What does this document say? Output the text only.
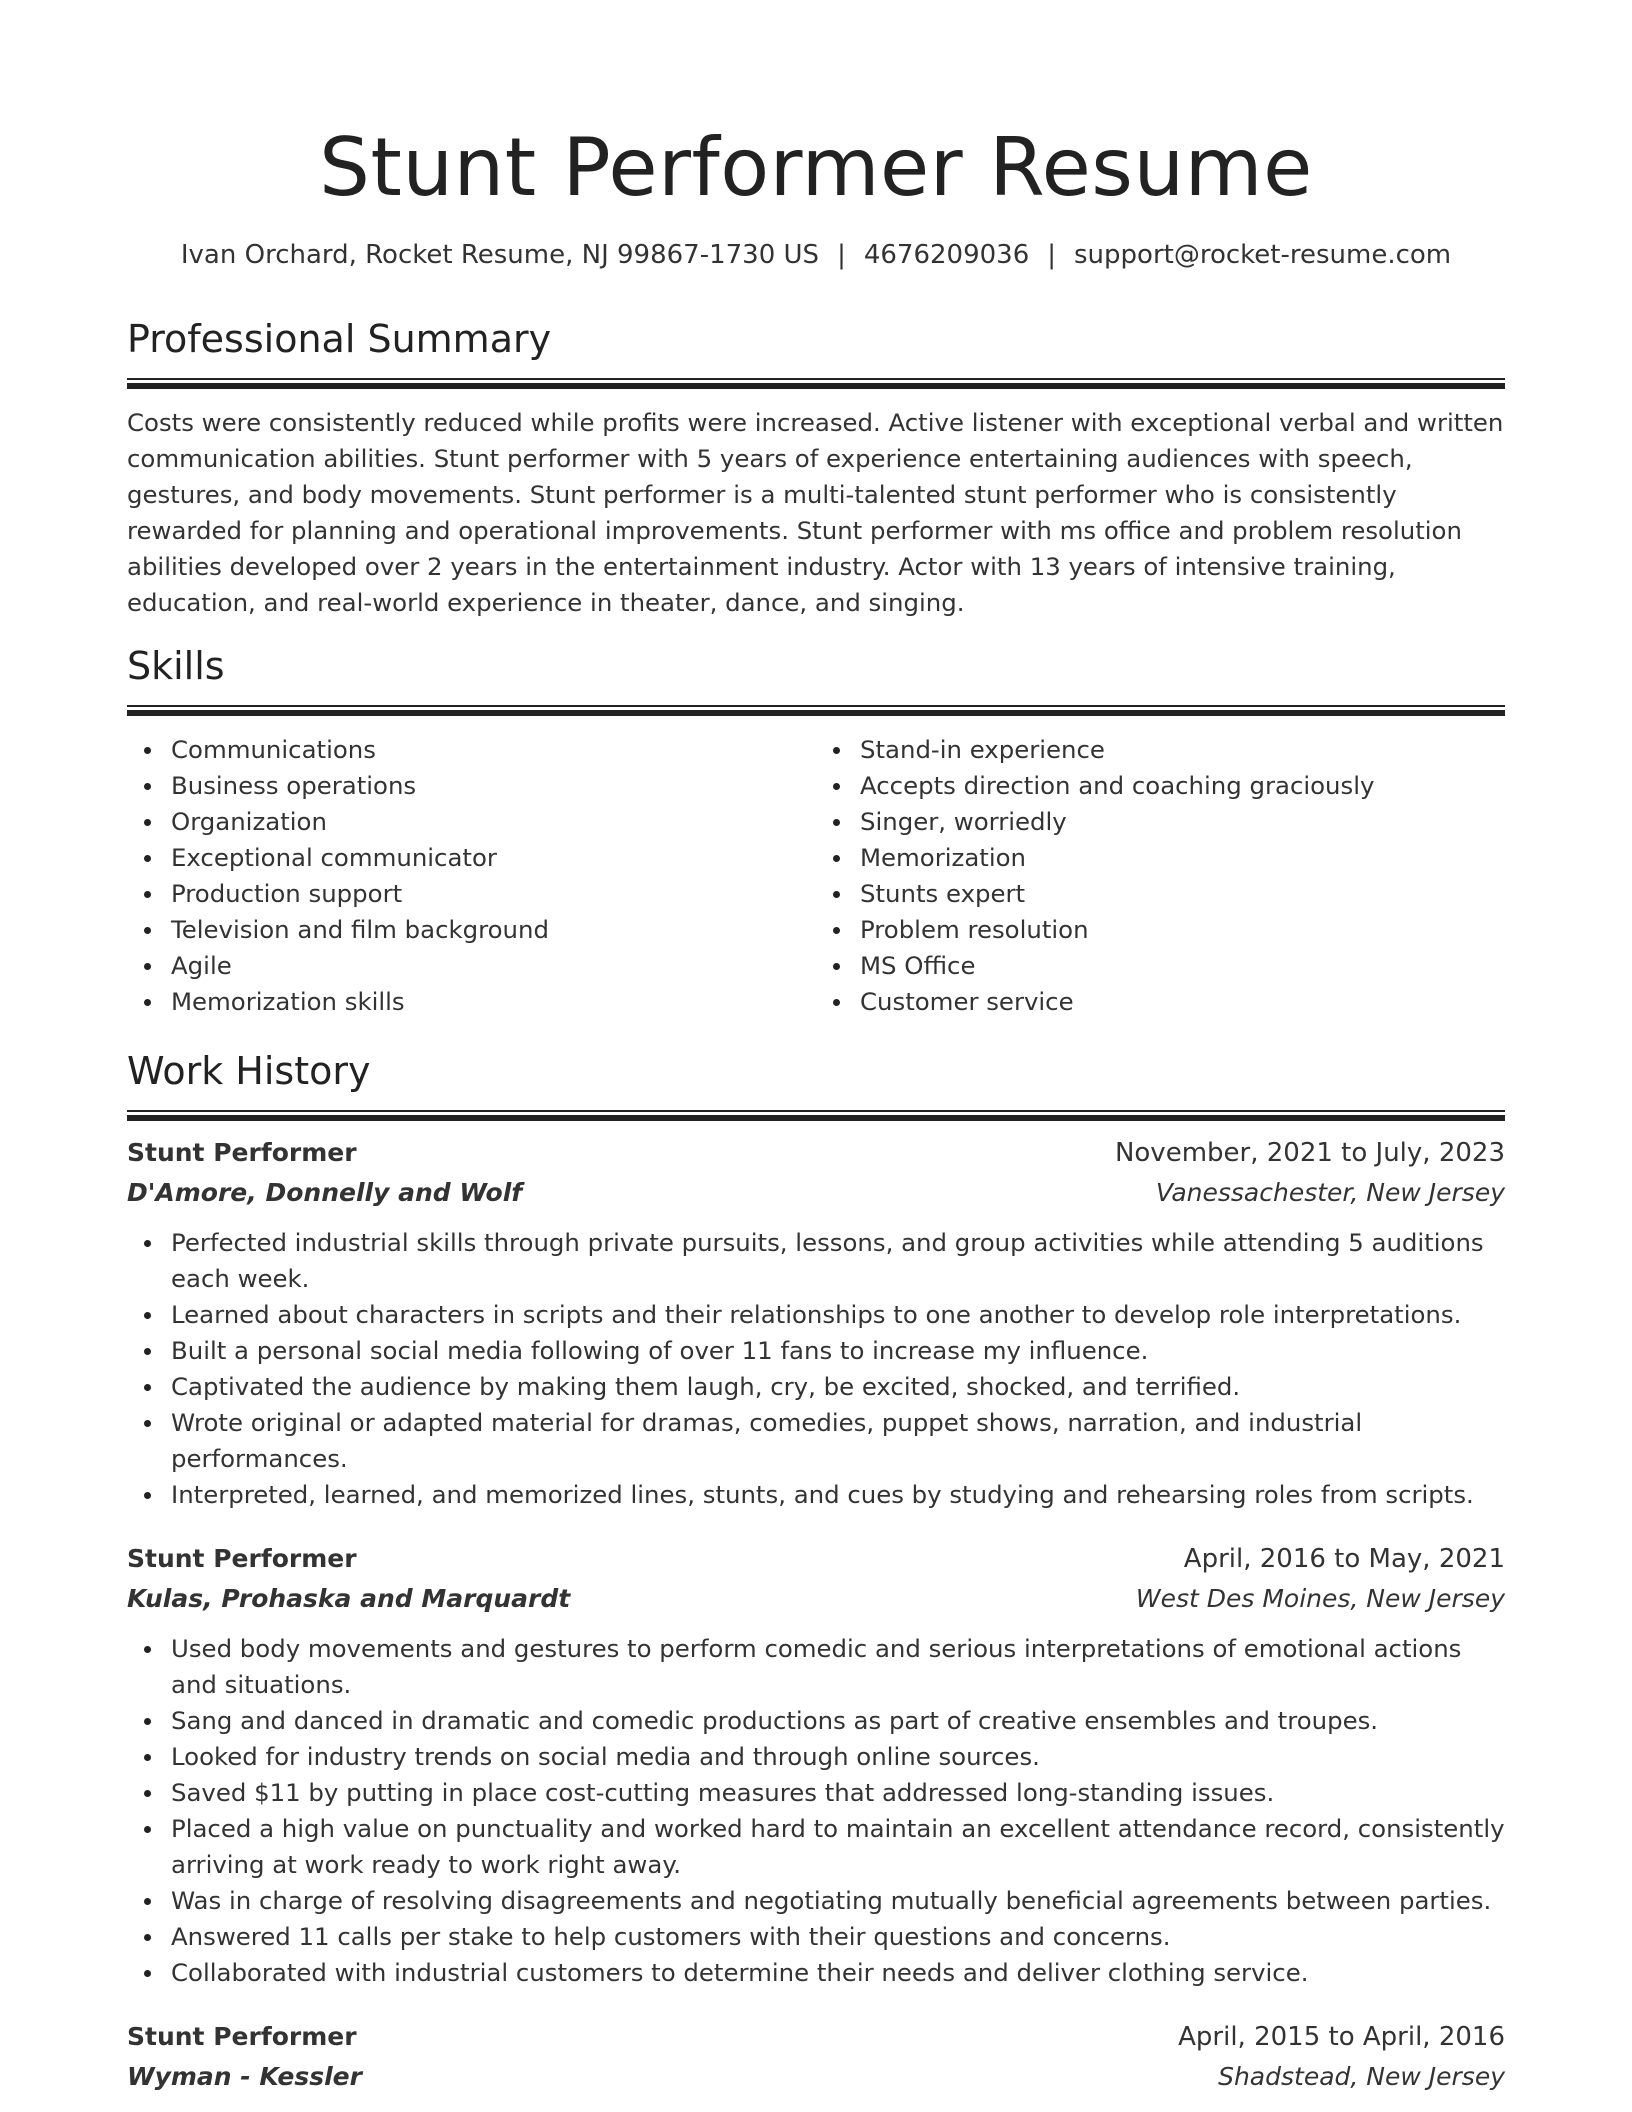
Stunt Performer Resume
Ivan Orchard, Rocket Resume, NJ 99867-1730 US | 4676209036 | support@rocket-resume.com
Professional Summary

Costs were consistently reduced while profits were increased. Active listener with exceptional verbal and written communication abilities. Stunt performer with 5 years of experience entertaining audiences with speech, gestures, and body movements. Stunt performer is a multi-talented stunt performer who is consistently rewarded for planning and operational improvements. Stunt performer with ms office and problem resolution abilities developed over 2 years in the entertainment industry. Actor with 13 years of intensive training, education, and real-world experience in theater, dance, and singing.

Skills
Communications
Business operations
Organization
Exceptional communicator
Production support
Television and film background
Agile
Memorization skills
Stand-in experience
Accepts direction and coaching graciously
Singer, worriedly
Memorization
Stunts expert
Problem resolution
MS Office
Customer service
Work History
Stunt Performer	November, 2021 to July, 2023
D'Amore, Donnelly and Wolf	Vanessachester, New Jersey
Perfected industrial skills through private pursuits, lessons, and group activities while attending 5 auditions each week.
Learned about characters in scripts and their relationships to one another to develop role interpretations.
Built a personal social media following of over 11 fans to increase my influence.
Captivated the audience by making them laugh, cry, be excited, shocked, and terrified.
Wrote original or adapted material for dramas, comedies, puppet shows, narration, and industrial performances.
Interpreted, learned, and memorized lines, stunts, and cues by studying and rehearsing roles from scripts.
Stunt Performer	April, 2016 to May, 2021
Kulas, Prohaska and Marquardt	West Des Moines, New Jersey
Used body movements and gestures to perform comedic and serious interpretations of emotional actions and situations.
Sang and danced in dramatic and comedic productions as part of creative ensembles and troupes.
Looked for industry trends on social media and through online sources.
Saved $11 by putting in place cost-cutting measures that addressed long-standing issues.
Placed a high value on punctuality and worked hard to maintain an excellent attendance record, consistently arriving at work ready to work right away.
Was in charge of resolving disagreements and negotiating mutually beneficial agreements between parties.
Answered 11 calls per stake to help customers with their questions and concerns.
Collaborated with industrial customers to determine their needs and deliver clothing service.
Stunt Performer	April, 2015 to April, 2016
Wyman - Kessler	Shadstead, New Jersey
